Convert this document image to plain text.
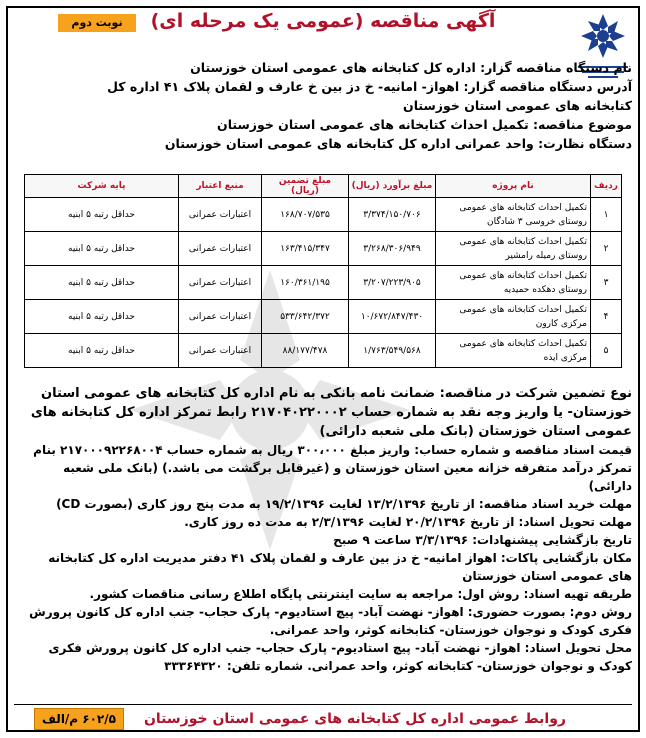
آگهی مناقصه (عمومی یک مرحله ای)
نوبت دوم

نام دستگاه مناقصه گزار: اداره کل کتابخانه های عمومی استان خوزستان

آدرس دستگاه مناقصه گزار: اهواز- امانیه- خ دز بین خ عارف و لقمان پلاک ۴۱ اداره کل

کتابخانه های عمومی استان خوزستان

موضوع مناقصه: تکمیل احداث کتابخانه های عمومی استان خوزستان

دستگاه نظارت: واحد عمرانی اداره کل کتابخانه های عمومی استان خوزستان

ردیف	نام پروژه	مبلغ برآورد (ریال)	مبلغ تضمین (ریال)	منبع اعتبار	پایه شرکت
۱	تکمیل احداث کتابخانه های عمومی روستای خروسی ۳ شادگان	۳/۳۷۴/۱۵۰/۷۰۶	۱۶۸/۷۰۷/۵۳۵	اعتبارات عمرانی	حداقل رتبه ۵ ابنیه
۲	تکمیل احداث کتابخانه های عمومی روستای رمیله رامشیر	۳/۲۶۸/۳۰۶/۹۴۹	۱۶۳/۴۱۵/۳۴۷	اعتبارات عمرانی	حداقل رتبه ۵ ابنیه
۳	تکمیل احداث کتابخانه های عمومی روستای دهکده حمیدیه	۳/۲۰۷/۲۲۳/۹۰۵	۱۶۰/۳۶۱/۱۹۵	اعتبارات عمرانی	حداقل رتبه ۵ ابنیه
۴	تکمیل احداث کتابخانه های عمومی مرکزی کارون	۱۰/۶۷۲/۸۴۷/۴۳۰	۵۳۳/۶۴۲/۳۷۲	اعتبارات عمرانی	حداقل رتبه ۵ ابنیه
۵	تکمیل احداث کتابخانه های عمومی مرکزی ایذه	۱/۷۶۳/۵۴۹/۵۶۸	۸۸/۱۷۷/۴۷۸	اعتبارات عمرانی	حداقل رتبه ۵ ابنیه

نوع تضمین شرکت در مناقصه: ضمانت نامه بانکی به نام اداره کل کتابخانه های عمومی استان خوزستان- یا واریز وجه نقد به شماره حساب ۲۱۷۰۴۰۲۲۰۰۰۲ رابط تمرکز اداره کل کتابخانه های عمومی استان خوزستان (بانک ملی شعبه دارائی)

قیمت اسناد مناقصه و شماره حساب: واریز مبلغ ۳۰۰،۰۰۰ ریال به شماره حساب ۲۱۷۰۰۰۹۲۲۶۸۰۰۴ بنام تمرکز درآمد متفرقه خزانه معین استان خوزستان و (غیرقابل برگشت می باشد.) (بانک ملی شعبه دارائی)

مهلت خرید اسناد مناقصه: از تاریخ ۱۳/۲/۱۳۹۶ لغایت ۱۹/۲/۱۳۹۶ به مدت پنج روز کاری (بصورت CD)

مهلت تحویل اسناد: از تاریخ ۲۰/۲/۱۳۹۶ لغایت ۲/۳/۱۳۹۶ به مدت ده روز کاری.

تاریخ بازگشایی پیشنهادات: ۳/۳/۱۳۹۶ ساعت ۹ صبح

مکان بازگشایی پاکات: اهواز امانیه- خ دز بین عارف و لقمان پلاک ۴۱ دفتر مدیریت اداره کل کتابخانه های عمومی استان خوزستان

طریقه تهیه اسناد: روش اول: مراجعه به سایت اینترنتی پایگاه اطلاع رسانی مناقصات کشور.

روش دوم: بصورت حضوری: اهواز- نهضت آباد- پیچ استادیوم- پارک حجاب- جنب اداره کل کانون پرورش فکری کودک و نوجوان خوزستان- کتابخانه کوثر، واحد عمرانی.

محل تحویل اسناد: اهواز- نهضت آباد- پیچ استادیوم- پارک حجاب- جنب اداره کل کانون پرورش فکری کودک و نوجوان خوزستان- کتابخانه کوثر، واحد عمرانی. شماره تلفن: ۳۳۳۶۴۳۲۰

روابط عمومی اداره کل کتابخانه های عمومی استان خوزستان
۶۰۲/۵ م/الف
